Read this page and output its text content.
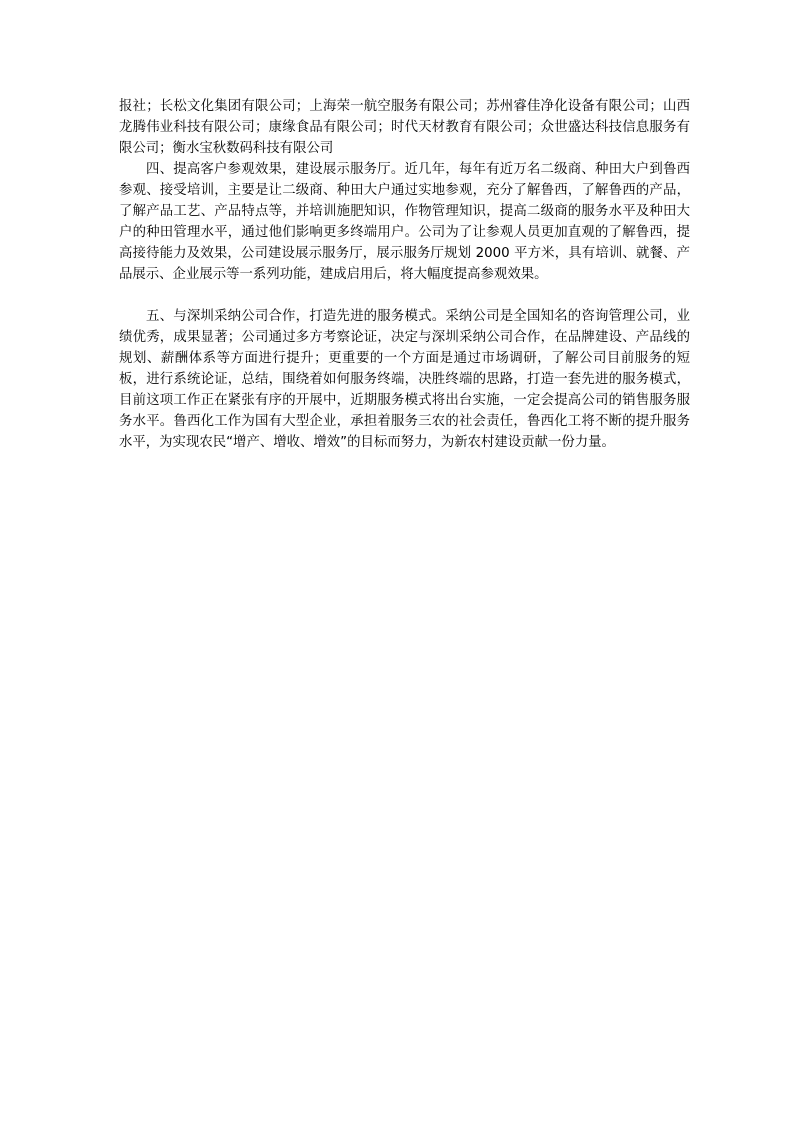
报社；长松文化集团有限公司；上海荣一航空服务有限公司；苏州睿佳净化设备有限公司；山西龙腾伟业科技有限公司；康缘食品有限公司；时代天材教育有限公司；众世盛达科技信息服务有限公司；衡水宝秋数码科技有限公司

四、提高客户参观效果，建设展示服务厅。近几年，每年有近万名二级商、种田大户到鲁西参观、接受培训，主要是让二级商、种田大户通过实地参观，充分了解鲁西，了解鲁西的产品，了解产品工艺、产品特点等，并培训施肥知识，作物管理知识，提高二级商的服务水平及种田大户的种田管理水平，通过他们影响更多终端用户。公司为了让参观人员更加直观的了解鲁西，提高接待能力及效果，公司建设展示服务厅，展示服务厅规划 2000 平方米，具有培训、就餐、产品展示、企业展示等一系列功能，建成启用后，将大幅度提高参观效果。

五、与深圳采纳公司合作，打造先进的服务模式。采纳公司是全国知名的咨询管理公司，业绩优秀，成果显著；公司通过多方考察论证，决定与深圳采纳公司合作，在品牌建设、产品线的规划、薪酬体系等方面进行提升；更重要的一个方面是通过市场调研，了解公司目前服务的短板，进行系统论证，总结，围绕着如何服务终端，决胜终端的思路，打造一套先进的服务模式，目前这项工作正在紧张有序的开展中，近期服务模式将出台实施，一定会提高公司的销售服务服务水平。鲁西化工作为国有大型企业，承担着服务三农的社会责任，鲁西化工将不断的提升服务水平，为实现农民“增产、增收、增效”的目标而努力，为新农村建设贡献一份力量。
